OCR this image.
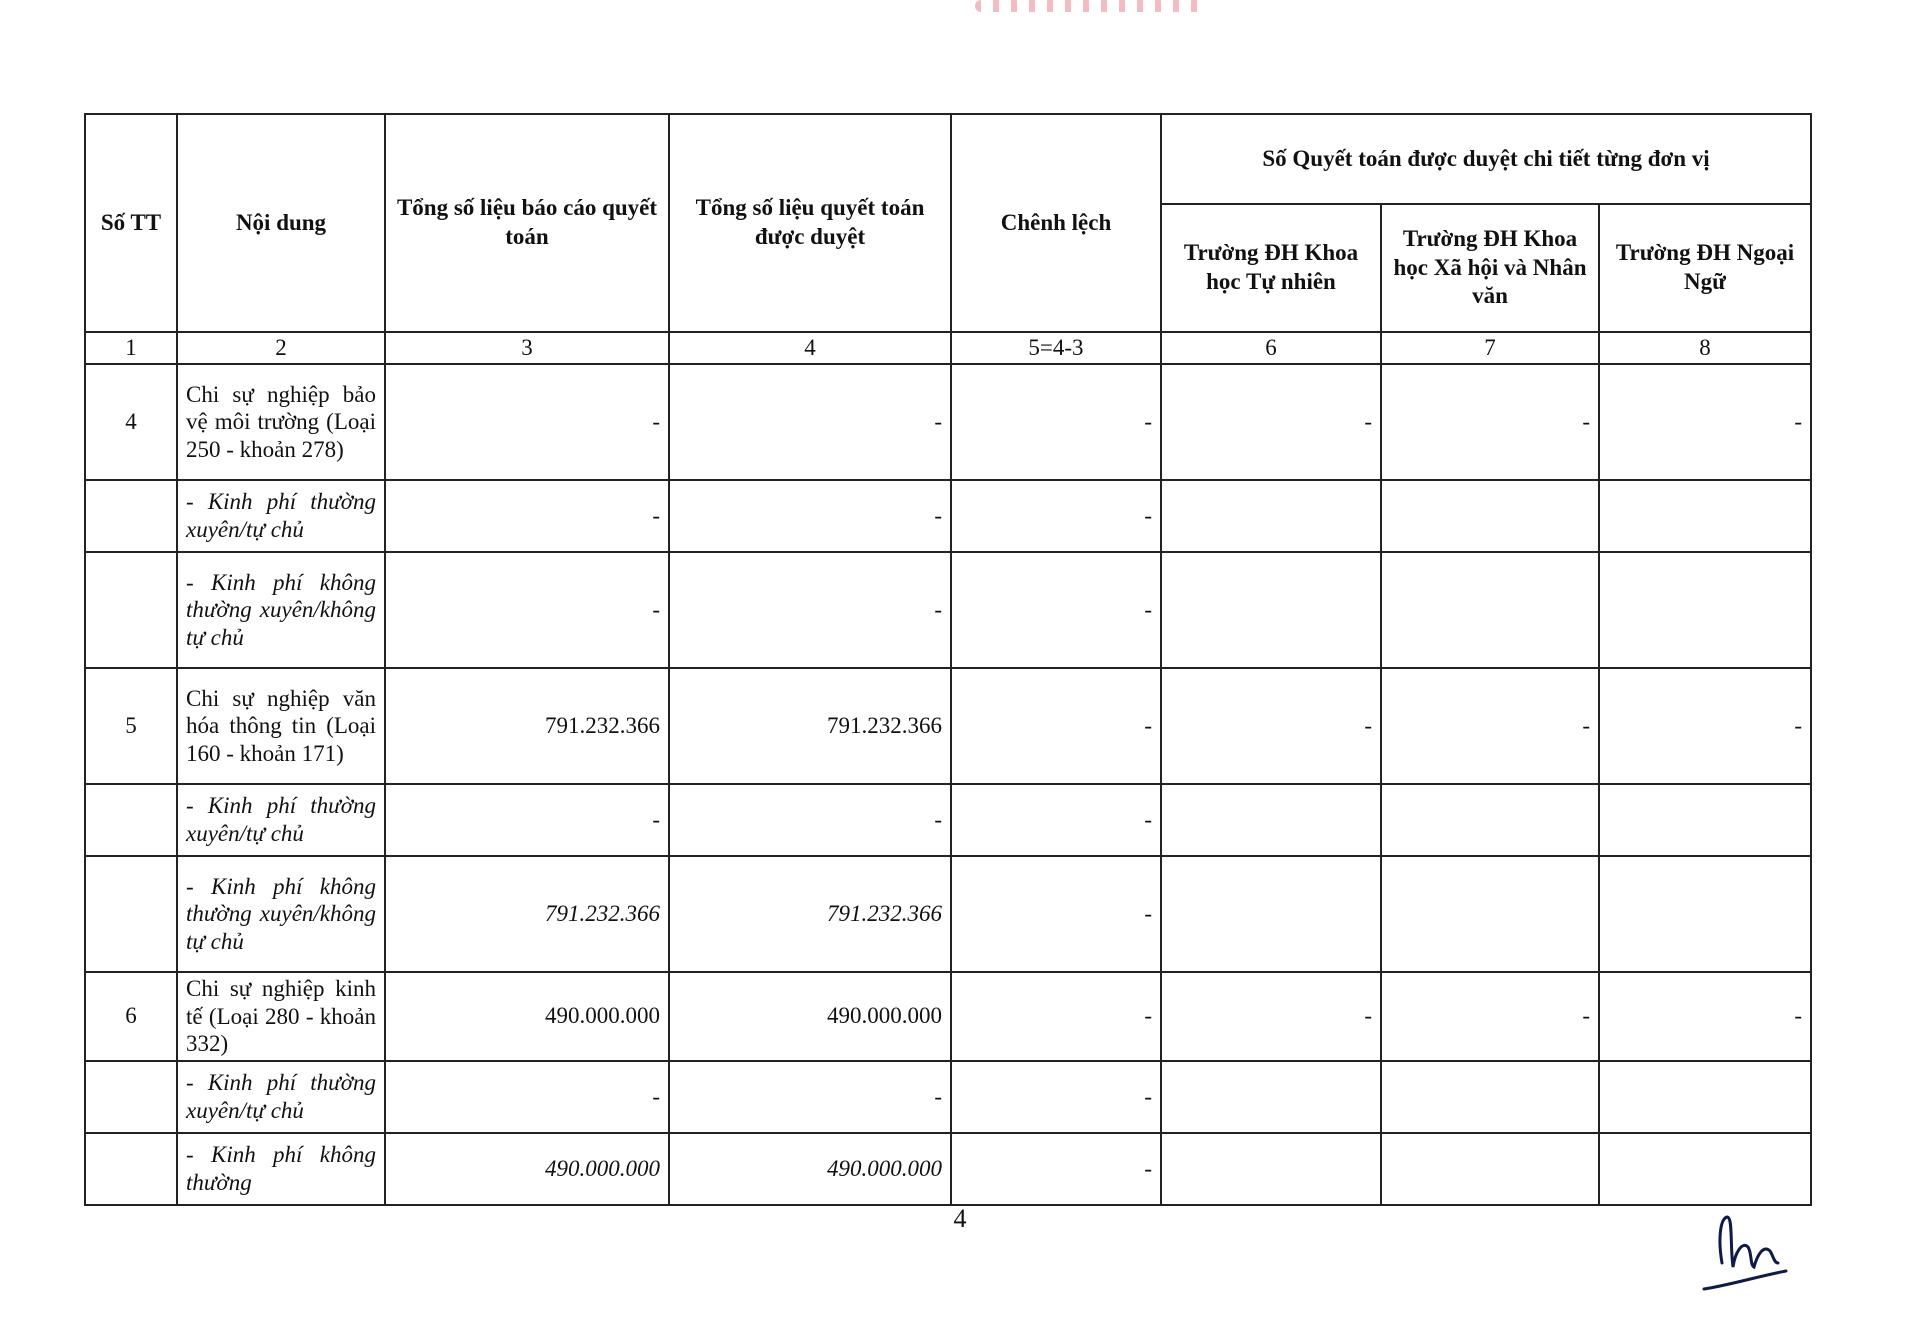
Số TT	Nội dung	Tổng số liệu báo cáo quyết toán	Tổng số liệu quyết toán được duyệt	Chênh lệch	Số Quyết toán được duyệt chi tiết từng đơn vị		
					Trường ĐH Khoa học Tự nhiên	Trường ĐH Khoa học Xã hội và Nhân văn	Trường ĐH Ngoại Ngữ
1	2	3	4	5=4-3	6	7	8
4	Chi sự nghiệp bảo vệ môi trường (Loại 250 - khoản 278)	-	-	-	-	-	-
	- Kinh phí thường xuyên/tự chủ	-	-	-			
	- Kinh phí không thường xuyên/không tự chủ	-	-	-			
5	Chi sự nghiệp văn hóa thông tin (Loại 160 - khoản 171)	791.232.366	791.232.366	-	-	-	-
	- Kinh phí thường xuyên/tự chủ	-	-	-			
	- Kinh phí không thường xuyên/không tự chủ	791.232.366	791.232.366	-			
6	Chi sự nghiệp kinh tế (Loại 280 - khoản 332)	490.000.000	490.000.000	-	-	-	-
	- Kinh phí thường xuyên/tự chủ	-	-	-			
	- Kinh phí không thường	490.000.000	490.000.000	-			
4
